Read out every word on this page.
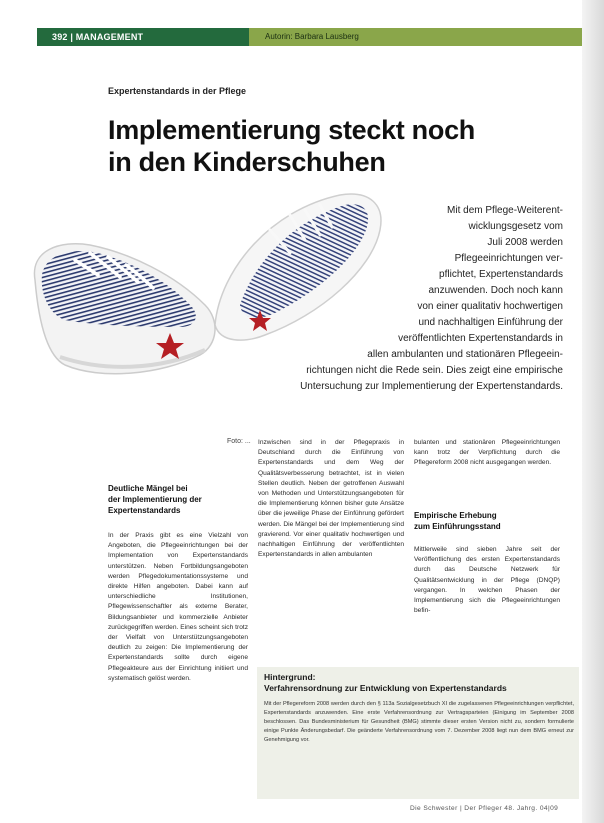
392 | MANAGEMENT	Autorin: Barbara Lausberg
Expertenstandards in der Pflege
Implementierung steckt noch
in den Kinderschuhen
Mit dem Pflege-Weiterent-
wicklungsgesetz vom
Juli 2008 werden
Pflegeeinrichtungen ver-
pflichtet, Expertenstandards
anzuwenden. Doch noch kann
von einer qualitativ hochwertigen
und nachhaltigen Einführung der
veröffentlichten Expertenstandards in
allen ambulanten und stationären Pflegeein-
richtungen nicht die Rede sein. Dies zeigt eine empirische
Untersuchung zur Implementierung der Expertenstandards.
Foto: ...
Deutliche Mängel bei
der Implementierung der
Expertenstandards

In der Praxis gibt es eine Vielzahl von Angeboten, die Pflegeeinrichtungen bei der Implementation von Expertenstandards unterstützen. Neben Fortbildungsangeboten werden Pflegedokumentationssysteme und direkte Hilfen angeboten. Dabei kann auf unterschiedliche Institutionen, Pflegewissenschaftler als externe Berater, Bildungsanbieter und kommerzielle Anbieter zurückgegriffen werden. Eines scheint sich trotz der Vielfalt von Unterstützungsangeboten deutlich zu zeigen: Die Implementierung der Expertenstandards sollte durch eigene Pflegeakteure aus der Einrichtung initiiert und systematisch gelöst werden.

Inzwischen sind in der Pflegepraxis in Deutschland durch die Einführung von Expertenstandards und dem Weg der Qualitätsverbesserung betrachtet, ist in vielen Stellen deutlich. Neben der getroffenen Auswahl von Methoden und Unterstützungsangeboten für die Implementierung können bisher gute Ansätze über die jeweilige Phase der Einführung gefördert werden. Die Mängel bei der Implementierung sind gravierend. Vor einer qualitativ hochwertigen und nachhaltigen Einführung der veröffentlichten Expertenstandards in allen ambulanten

bulanten und stationären Pflegeeinrichtungen kann trotz der Verpflichtung durch die Pflegereform 2008 nicht ausgegangen werden.

Empirische Erhebung
zum Einführungsstand

Mittlerweile sind sieben Jahre seit der Veröffentlichung des ersten Expertenstandards durch das Deutsche Netzwerk für Qualitätsentwicklung in der Pflege (DNQP) vergangen. In welchen Phasen der Implementierung sich die Pflegeeinrichtungen befin-

Hintergrund:
Verfahrensordnung zur Entwicklung von Expertenstandards

Mit der Pflegereform 2008 werden durch den § 113a Sozialgesetzbuch XI die zugelassenen Pflegeeinrichtungen verpflichtet, Expertenstandards anzuwenden. Eine erste Verfahrensordnung zur Vertragsparteien (Einigung im September 2008 beschlossen. Das Bundesministerium für Gesundheit (BMG) stimmte dieser ersten Version nicht zu, sondern formulierte einige Punkte Änderungsbedarf. Die geänderte Verfahrensordnung vom 7. Dezember 2008 liegt nun dem BMG erneut zur Genehmigung vor.

Die Schwester | Der Pfleger 48. Jahrg. 04|09
